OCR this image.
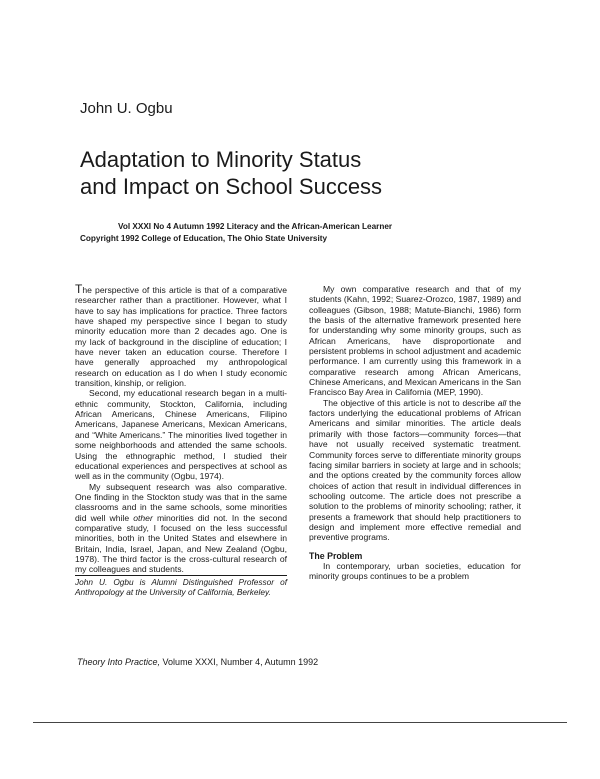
John U. Ogbu
Adaptation to Minority Status
and Impact on School Success
Vol XXXI No 4 Autumn 1992 Literacy and the African-American Learner
Copyright 1992 College of Education, The Ohio State University

The perspective of this article is that of a comparative researcher rather than a practitioner. However, what I have to say has implications for practice. Three factors have shaped my perspective since I began to study minority education more than 2 decades ago. One is my lack of background in the discipline of education; I have never taken an education course. Therefore I have generally approached my anthropological research on education as I do when I study economic transition, kinship, or religion.

Second, my educational research began in a multi-ethnic community, Stockton, California, including African Americans, Chinese Americans, Filipino Americans, Japanese Americans, Mexican Americans, and “White Americans.” The minorities lived together in some neighborhoods and attended the same schools. Using the ethnographic method, I studied their educational experiences and perspectives at school as well as in the community (Ogbu, 1974).

My subsequent research was also comparative. One finding in the Stockton study was that in the same classrooms and in the same schools, some minorities did well while other minorities did not. In the second comparative study, I focused on the less successful minorities, both in the United States and elsewhere in Britain, India, Israel, Japan, and New Zealand (Ogbu, 1978). The third factor is the cross-cultural research of my colleagues and students.

John U. Ogbu is Alumni Distinguished Professor of Anthropology at the University of California, Berkeley.

My own comparative research and that of my students (Kahn, 1992; Suarez-Orozco, 1987, 1989) and colleagues (Gibson, 1988; Matute-Bianchi, 1986) form the basis of the alternative framework presented here for understanding why some minority groups, such as African Americans, have disproportionate and persistent problems in school adjustment and academic performance. I am currently using this framework in a comparative research among African Americans, Chinese Americans, and Mexican Americans in the San Francisco Bay Area in California (MEP, 1990).

The objective of this article is not to describe all the factors underlying the educational problems of African Americans and similar minorities. The article deals primarily with those factors—community forces—that have not usually received systematic treatment. Community forces serve to differentiate minority groups facing similar barriers in society at large and in schools; and the options created by the community forces allow choices of action that result in individual differences in schooling outcome. The article does not prescribe a solution to the problems of minority schooling; rather, it presents a framework that should help practitioners to design and implement more effective remedial and preventive programs.

The Problem

In contemporary, urban societies, education for minority groups continues to be a problem

Theory Into Practice, Volume XXXI, Number 4, Autumn 1992
